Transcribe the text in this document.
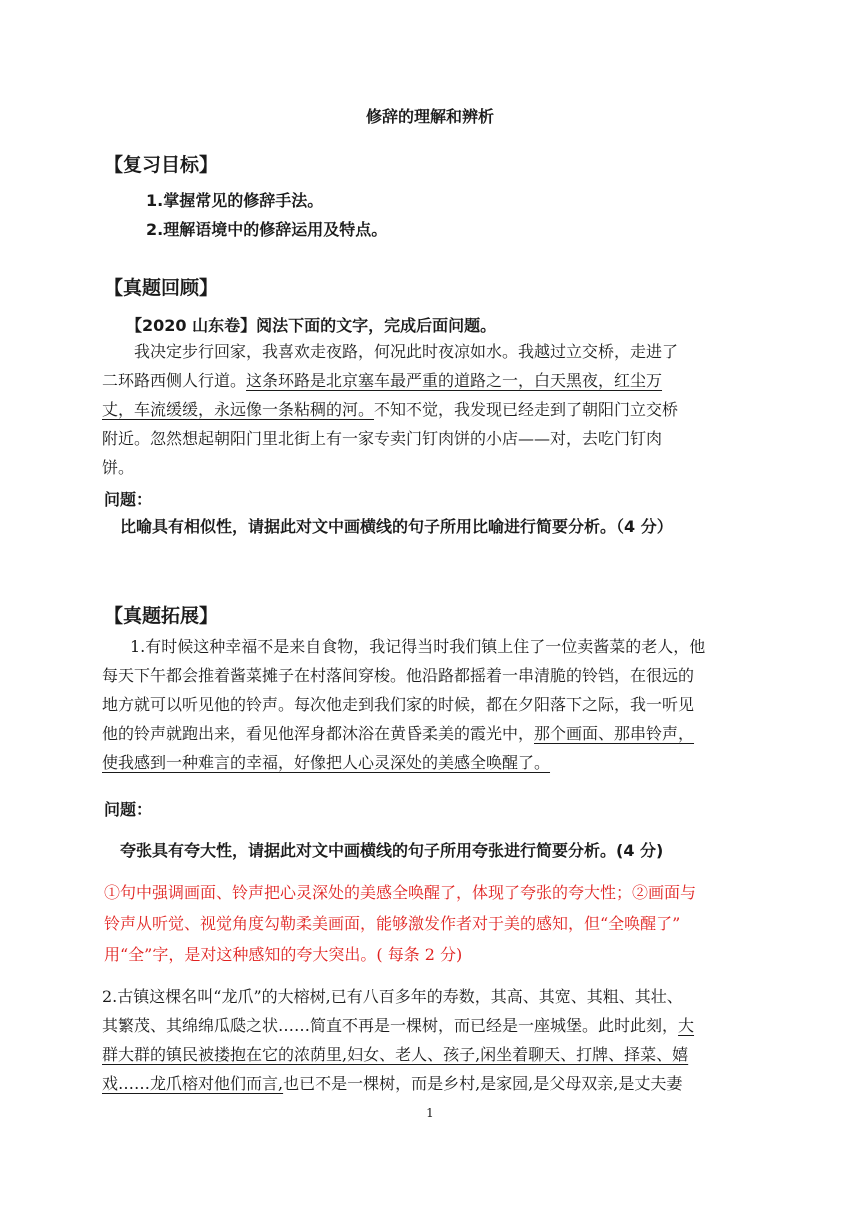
修辞的理解和辨析
【复习目标】
1.掌握常见的修辞手法。
2.理解语境中的修辞运用及特点。
【真题回顾】
【2020 山东卷】阅法下面的文字，完成后面问题。
我决定步行回家，我喜欢走夜路，何况此时夜凉如水。我越过立交桥，走进了
二环路西侧人行道。这条环路是北京塞车最严重的道路之一，白天黑夜，红尘万
丈，车流缓缓，永远像一条粘稠的河。不知不觉，我发现已经走到了朝阳门立交桥
附近。忽然想起朝阳门里北街上有一家专卖门钉肉饼的小店——对，去吃门钉肉
饼。
问题：
比喻具有相似性，请据此对文中画横线的句子所用比喻进行简要分析。（4 分）
【真题拓展】
1.有时候这种幸福不是来自食物，我记得当时我们镇上住了一位卖酱菜的老人，他
每天下午都会推着酱菜摊子在村落间穿梭。他沿路都摇着一串清脆的铃铛，在很远的
地方就可以听见他的铃声。每次他走到我们家的时候，都在夕阳落下之际，我一听见
他的铃声就跑出来，看见他浑身都沐浴在黄昏柔美的霞光中，那个画面、那串铃声，
使我感到一种难言的幸福，好像把人心灵深处的美感全唤醒了。
问题：
夸张具有夸大性，请据此对文中画横线的句子所用夸张进行简要分析。(4 分)
①句中强调画面、铃声把心灵深处的美感全唤醒了，体现了夸张的夸大性；②画面与
铃声从听觉、视觉角度勾勒柔美画面，能够激发作者对于美的感知，但“全唤醒了”
用“全”字，是对这种感知的夸大突出。( 每条 2 分)
2.古镇这棵名叫“龙爪”的大榕树,已有八百多年的寿数，其高、其宽、其粗、其壮、
其繁茂、其绵绵瓜瓞之状……简直不再是一棵树，而已经是一座城堡。此时此刻，大
群大群的镇民被搂抱在它的浓荫里,妇女、老人、孩子,闲坐着聊天、打牌、择菜、嬉
戏……龙爪榕对他们而言,也已不是一棵树，而是乡村,是家园,是父母双亲,是丈夫妻
1
